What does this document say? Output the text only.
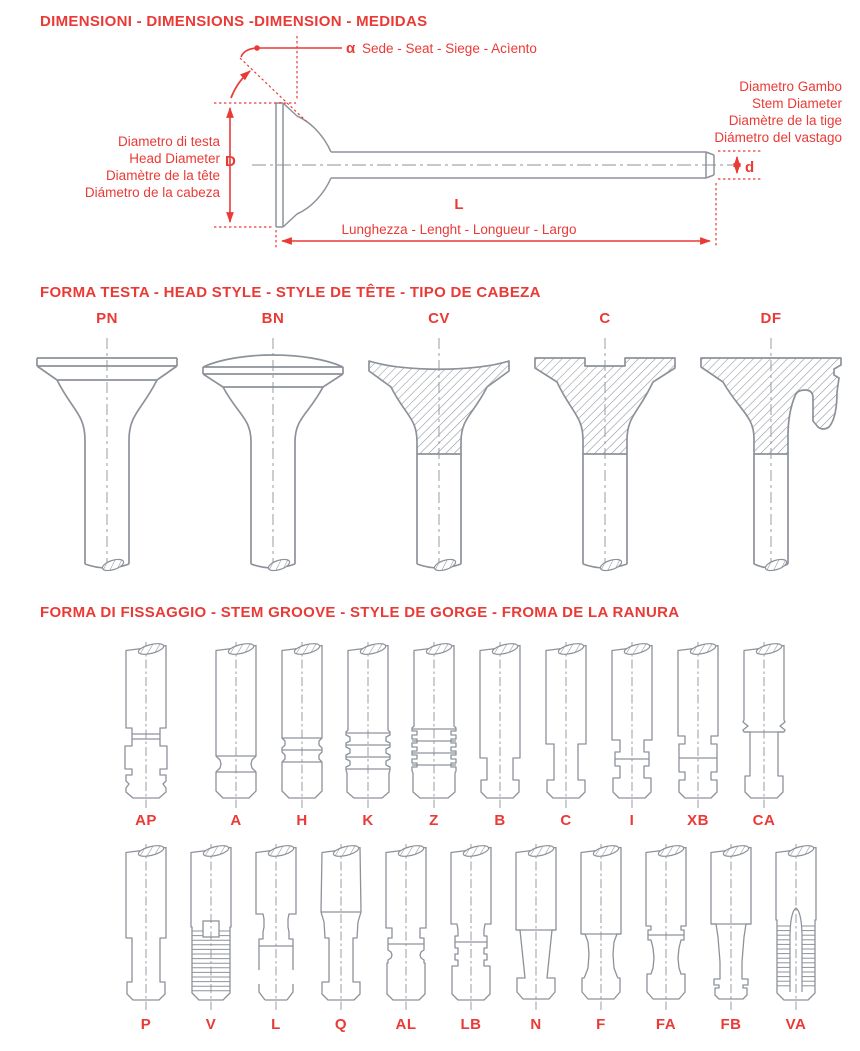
DIMENSIONI - DIMENSIONS -DIMENSION - MEDIDAS
Diametro di testa
Head Diameter
Diamètre de la tête
Diámetro de la cabeza
D
α Sede - Seat - Siege - Acìento
Diametro Gambo
Stem Diameter
Diamètre de la tige
Diámetro del vastago
d
L
Lunghezza - Lenght - Longueur - Largo
FORMA TESTA - HEAD STYLE - STYLE DE TÊTE - TIPO DE CABEZA
PN	BN	CV	C	DF
FORMA DI FISSAGGIO - STEM GROOVE - STYLE DE GORGE - FROMA DE LA RANURA
AP	A	H	K	Z	B	C	I	XB	CA
P	V	L	Q	AL	LB	N	F	FA	FB	VA
